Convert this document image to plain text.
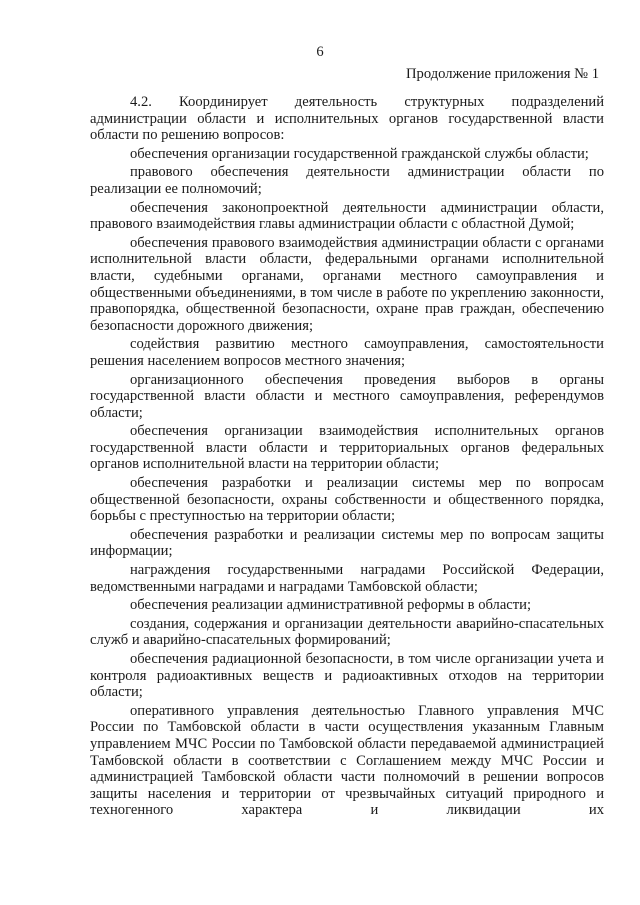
6
Продолжение приложения № 1

4.2. Координирует деятельность структурных подразделений администрации области и исполнительных органов государственной власти области по решению вопросов:

обеспечения организации государственной гражданской службы области;

правового обеспечения деятельности администрации области по реализации ее полномочий;

обеспечения законопроектной деятельности администрации области, правового взаимодействия главы администрации области с областной Думой;

обеспечения правового взаимодействия администрации области с органами исполнительной власти области, федеральными органами исполнительной власти, судебными органами, органами местного самоуправления и общественными объединениями, в том числе в работе по укреплению законности, правопорядка, общественной безопасности, охране прав граждан, обеспечению безопасности дорожного движения;

содействия развитию местного самоуправления, самостоятельности решения населением вопросов местного значения;

организационного обеспечения проведения выборов в органы государственной власти области и местного самоуправления, референдумов области;

обеспечения организации взаимодействия исполнительных органов государственной власти области и территориальных органов федеральных органов исполнительной власти на территории области;

обеспечения разработки и реализации системы мер по вопросам общественной безопасности, охраны собственности и общественного порядка, борьбы с преступностью на территории области;

обеспечения разработки и реализации системы мер по вопросам защиты информации;

награждения государственными наградами Российской Федерации, ведомственными наградами и наградами Тамбовской области;

обеспечения реализации административной реформы в области;

создания, содержания и организации деятельности аварийно-спасательных служб и аварийно-спасательных формирований;

обеспечения радиационной безопасности, в том числе организации учета и контроля радиоактивных веществ и радиоактивных отходов на территории области;

оперативного управления деятельностью Главного управления МЧС России по Тамбовской области в части осуществления указанным Главным управлением МЧС России по Тамбовской области передаваемой администрацией Тамбовской области в соответствии с Соглашением между МЧС России и администрацией Тамбовской области части полномочий в решении вопросов защиты населения и территории от чрезвычайных ситуаций природного и техногенного характера и ликвидации их
